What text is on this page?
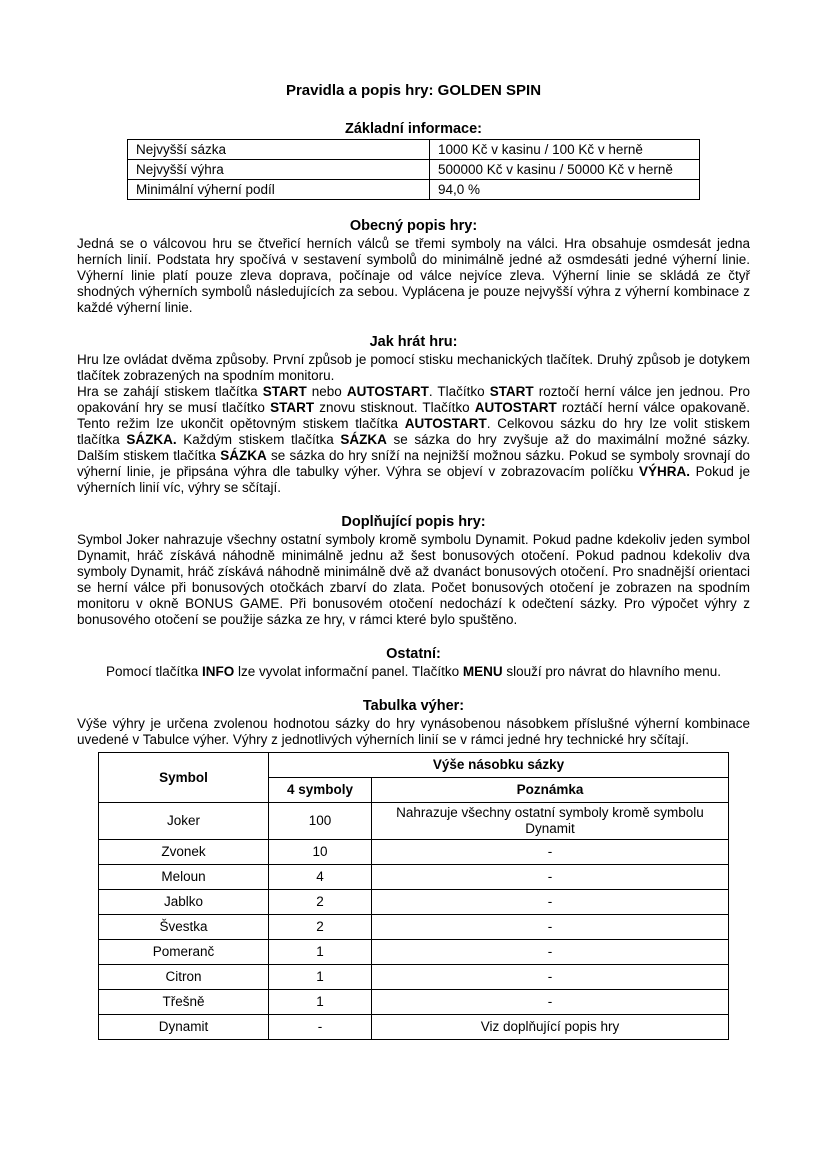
Pravidla a popis hry: GOLDEN SPIN
Základní informace:
Nejvyšší sázka	1000 Kč v kasinu / 100 Kč v herně
Nejvyšší výhra	500000 Kč v kasinu / 50000 Kč v herně
Minimální výherní podíl	94,0 %
Obecný popis hry:

Jedná se o válcovou hru se čtveřicí herních válců se třemi symboly na válci. Hra obsahuje osmdesát jedna herních linií. Podstata hry spočívá v sestavení symbolů do minimálně jedné až osmdesáti jedné výherní linie. Výherní linie platí pouze zleva doprava, počínaje od válce nejvíce zleva. Výherní linie se skládá ze čtyř shodných výherních symbolů následujících za sebou. Vyplácena je pouze nejvyšší výhra z výherní kombinace z každé výherní linie.

Jak hrát hru:

Hru lze ovládat dvěma způsoby. První způsob je pomocí stisku mechanických tlačítek. Druhý způsob je dotykem tlačítek zobrazených na spodním monitoru.

Hra se zahájí stiskem tlačítka START nebo AUTOSTART. Tlačítko START roztočí herní válce jen jednou. Pro opakování hry se musí tlačítko START znovu stisknout. Tlačítko AUTOSTART roztáčí herní válce opakovaně. Tento režim lze ukončit opětovným stiskem tlačítka AUTOSTART. Celkovou sázku do hry lze volit stiskem tlačítka SÁZKA. Každým stiskem tlačítka SÁZKA se sázka do hry zvyšuje až do maximální možné sázky. Dalším stiskem tlačítka SÁZKA se sázka do hry sníží na nejnižší možnou sázku. Pokud se symboly srovnají do výherní linie, je připsána výhra dle tabulky výher. Výhra se objeví v zobrazovacím políčku VÝHRA. Pokud je výherních linií víc, výhry se sčítají.

Doplňující popis hry:

Symbol Joker nahrazuje všechny ostatní symboly kromě symbolu Dynamit. Pokud padne kdekoliv jeden symbol Dynamit, hráč získává náhodně minimálně jednu až šest bonusových otočení. Pokud padnou kdekoliv dva symboly Dynamit, hráč získává náhodně minimálně dvě až dvanáct bonusových otočení. Pro snadnější orientaci se herní válce při bonusových otočkách zbarví do zlata. Počet bonusových otočení je zobrazen na spodním monitoru v okně BONUS GAME. Při bonusovém otočení nedochází k odečtení sázky. Pro výpočet výhry z bonusového otočení se použije sázka ze hry, v rámci které bylo spuštěno.

Ostatní:

Pomocí tlačítka INFO lze vyvolat informační panel. Tlačítko MENU slouží pro návrat do hlavního menu.

Tabulka výher:

Výše výhry je určena zvolenou hodnotou sázky do hry vynásobenou násobkem příslušné výherní kombinace uvedené v Tabulce výher. Výhry z jednotlivých výherních linií se v rámci jedné hry technické hry sčítají.

Symbol	Výše násobku sázky	
	4 symboly	Poznámka
Joker	100	Nahrazuje všechny ostatní symboly kromě symbolu Dynamit
Zvonek	10	-
Meloun	4	-
Jablko	2	-
Švestka	2	-
Pomeranč	1	-
Citron	1	-
Třešně	1	-
Dynamit	-	Viz doplňující popis hry
